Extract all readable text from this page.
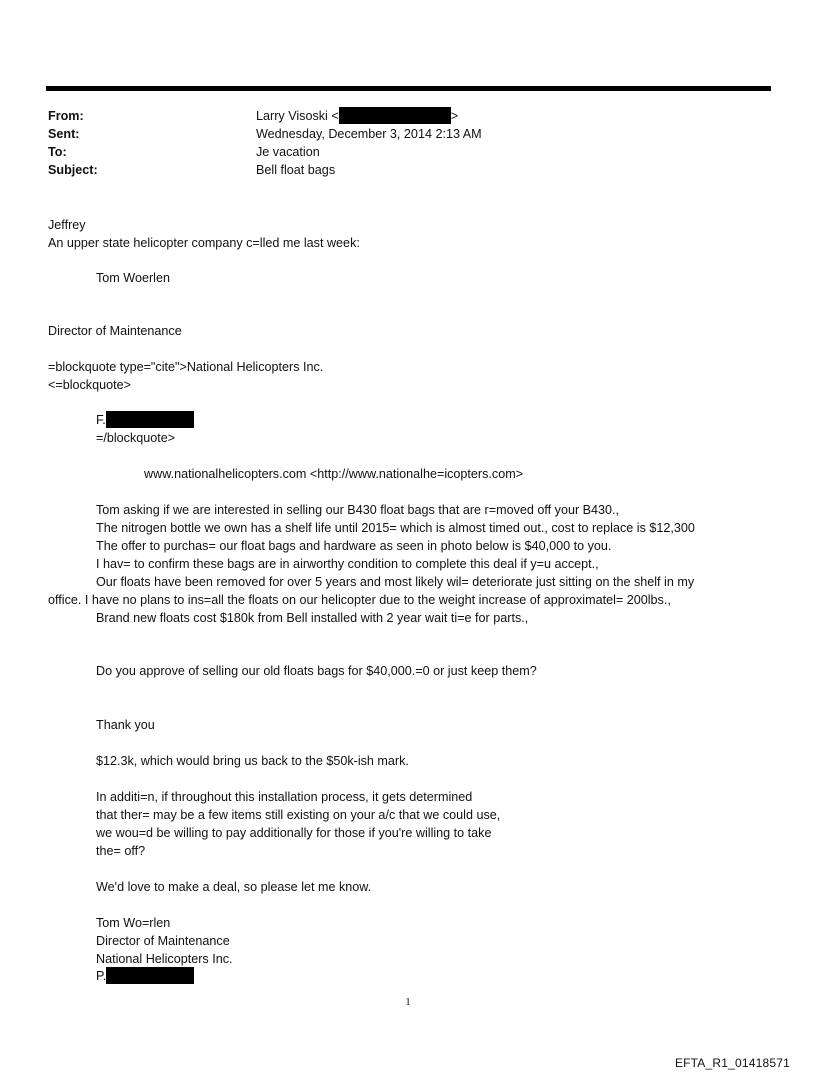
From:	Larry Visoski <	>
Sent:	Wednesday, December 3, 2014 2:13 AM
To:	Je vacation
Subject:	Bell float bags
Jeffrey
An upper state helicopter company c=lled me last week:
Tom Woerlen
Director of Maintenance
=blockquote type="cite">National Helicopters Inc.
<=blockquote>
F.
=/blockquote>
www.nationalhelicopters.com <http://www.nationalhe=icopters.com>
Tom asking if we are interested in selling our B430 float bags that are r=moved off your B430.,
The nitrogen bottle we own has a shelf life until 2015= which is almost timed out., cost to replace is $12,300
The offer to purchas= our float bags and hardware as seen in photo below is $40,000 to you.
I hav= to confirm these bags are in airworthy condition to complete this deal if y=u accept.,
Our floats have been removed for over 5 years and most likely wil= deteriorate just sitting on the shelf in my
office. I have no plans to ins=all the floats on our helicopter due to the weight increase of approximatel= 200lbs.,
Brand new floats cost $180k from Bell installed with 2 year wait ti=e for parts.,
Do you approve of selling our old floats bags for $40,000.=0 or just keep them?
Thank you
$12.3k, which would bring us back to the $50k-ish mark.
In additi=n, if throughout this installation process, it gets determined
that ther= may be a few items still existing on your a/c that we could use,
we wou=d be willing to pay additionally for those if you're willing to take
the= off?
We'd love to make a deal, so please let me know.
Tom Wo=rlen
Director of Maintenance
National Helicopters Inc.
P.
1
EFTA_R1_01418571
